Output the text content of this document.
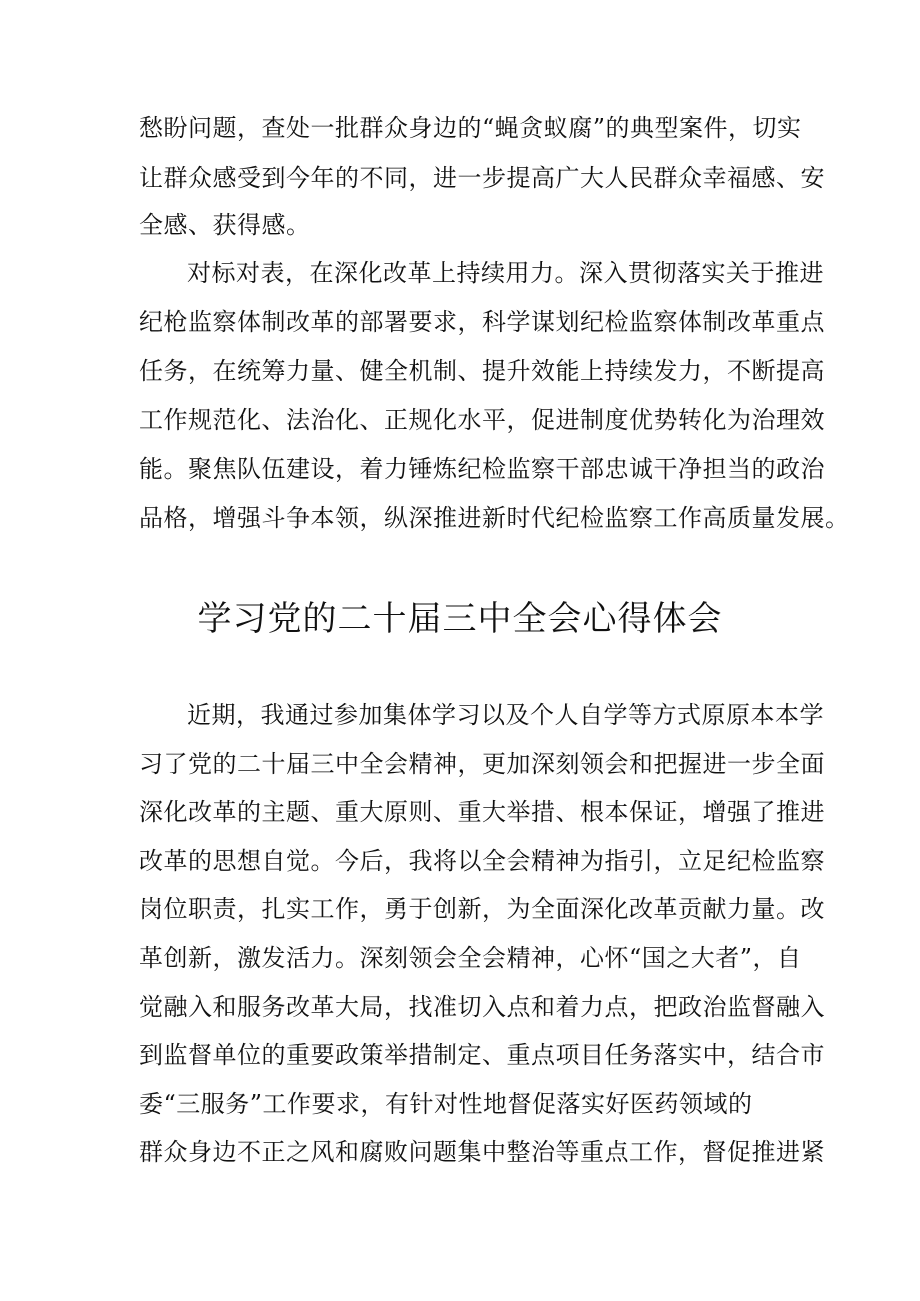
愁盼问题，查处一批群众身边的“蝇贪蚁腐”的典型案件，切实
让群众感受到今年的不同，进一步提高广大人民群众幸福感、安
全感、获得感。
对标对表，在深化改革上持续用力。深入贯彻落实关于推进
纪枪监察体制改革的部署要求，科学谋划纪检监察体制改革重点
任务，在统筹力量、健全机制、提升效能上持续发力，不断提高
工作规范化、法治化、正规化水平，促进制度优势转化为治理效
能。聚焦队伍建设，着力锤炼纪检监察干部忠诚干净担当的政治
品格，增强斗争本领，纵深推进新时代纪检监察工作高质量发展。
学习党的二十届三中全会心得体会
近期，我通过参加集体学习以及个人自学等方式原原本本学
习了党的二十届三中全会精神，更加深刻领会和把握进一步全面
深化改革的主题、重大原则、重大举措、根本保证，增强了推进
改革的思想自觉。今后，我将以全会精神为指引，立足纪检监察
岗位职责，扎实工作，勇于创新，为全面深化改革贡献力量。改
革创新，激发活力。深刻领会全会精神，心怀“国之大者”，自
觉融入和服务改革大局，找准切入点和着力点，把政治监督融入
到监督单位的重要政策举措制定、重点项目任务落实中，结合市
委“三服务”工作要求，有针对性地督促落实好医药领域的
群众身边不正之风和腐败问题集中整治等重点工作，督促推进紧
